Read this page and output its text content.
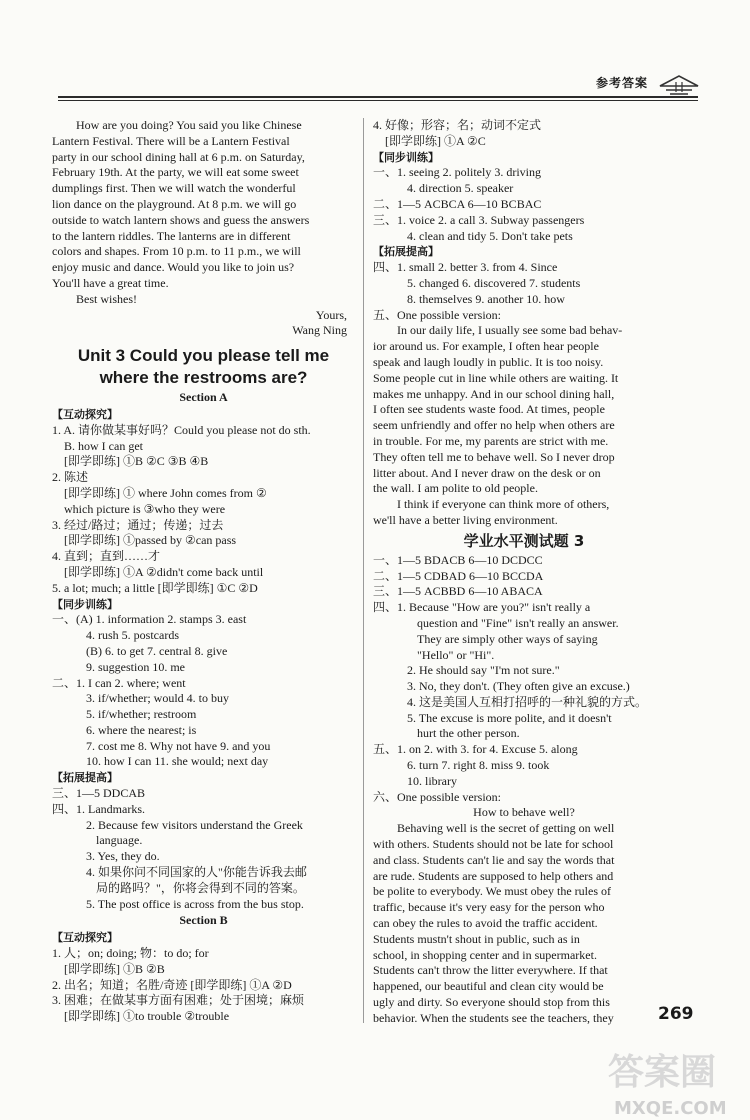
参考答案

How are you doing? You said you like Chinese

Lantern Festival. There will be a Lantern Festival

party in our school dining hall at 6 p.m. on Saturday,

February 19th. At the party, we will eat some sweet

dumplings first. Then we will watch the wonderful

lion dance on the playground. At 8 p.m. we will go

outside to watch lantern shows and guess the answers

to the lantern riddles. The lanterns are in different

colors and shapes. From 10 p.m. to 11 p.m., we will

enjoy music and dance. Would you like to join us?

You'll have a great time.

Best wishes!

Yours,

Wang Ning

Unit 3 Could you please tell me

where the restrooms are?

Section A

【互动探究】

1. A. 请你做某事好吗？Could you please not do sth.

B. how I can get

[即学即练] ①B ②C ③B ④B

2. 陈述

[即学即练] ① where John comes from ②

which picture is ③who they were

3. 经过/路过；通过；传递；过去

[即学即练] ①passed by ②can pass

4. 直到；直到……才

[即学即练] ①A ②didn't come back until

5. a lot; much; a little [即学即练] ①C ②D

【同步训练】

一、(A) 1. information 2. stamps 3. east

4. rush 5. postcards

(B) 6. to get 7. central 8. give

9. suggestion 10. me

二、1. I can 2. where; went

3. if/whether; would 4. to buy

5. if/whether; restroom

6. where the nearest; is

7. cost me 8. Why not have 9. and you

10. how I can 11. she would; next day

【拓展提高】

三、1—5 DDCAB

四、1. Landmarks.

2. Because few visitors understand the Greek

language.

3. Yes, they do.

4. 如果你问不同国家的人"你能告诉我去邮

局的路吗？"，你将会得到不同的答案。

5. The post office is across from the bus stop.

Section B

【互动探究】

1. 人；on; doing; 物：to do; for

[即学即练] ①B ②B

2. 出名；知道；名胜/奇迹 [即学即练] ①A ②D

3. 困难；在做某事方面有困难；处于困境；麻烦

[即学即练] ①to trouble ②trouble

4. 好像；形容；名；动词不定式

[即学即练] ①A ②C

【同步训练】

一、1. seeing 2. politely 3. driving

4. direction 5. speaker

二、1—5 ACBCA 6—10 BCBAC

三、1. voice 2. a call 3. Subway passengers

4. clean and tidy 5. Don't take pets

【拓展提高】

四、1. small 2. better 3. from 4. Since

5. changed 6. discovered 7. students

8. themselves 9. another 10. how

五、One possible version:

In our daily life, I usually see some bad behav-

ior around us. For example, I often hear people

speak and laugh loudly in public. It is too noisy.

Some people cut in line while others are waiting. It

makes me unhappy. And in our school dining hall,

I often see students waste food. At times, people

seem unfriendly and offer no help when others are

in trouble. For me, my parents are strict with me.

They often tell me to behave well. So I never drop

litter about. And I never draw on the desk or on

the wall. I am polite to old people.

I think if everyone can think more of others,

we'll have a better living environment.

学业水平测试题 3

一、1—5 BDACB 6—10 DCDCC

二、1—5 CDBAD 6—10 BCCDA

三、1—5 ACBBD 6—10 ABACA

四、1. Because "How are you?" isn't really a

question and "Fine" isn't really an answer.

They are simply other ways of saying

"Hello" or "Hi".

2. He should say "I'm not sure."

3. No, they don't. (They often give an excuse.)

4. 这是美国人互相打招呼的一种礼貌的方式。

5. The excuse is more polite, and it doesn't

hurt the other person.

五、1. on 2. with 3. for 4. Excuse 5. along

6. turn 7. right 8. miss 9. took

10. library

六、One possible version:

How to behave well?

Behaving well is the secret of getting on well

with others. Students should not be late for school

and class. Students can't lie and say the words that

are rude. Students are supposed to help others and

be polite to everybody. We must obey the rules of

traffic, because it's very easy for the person who

can obey the rules to avoid the traffic accident.

Students mustn't shout in public, such as in

school, in shopping center and in supermarket.

Students can't throw the litter everywhere. If that

happened, our beautiful and clean city would be

ugly and dirty. So everyone should stop from this

behavior. When the students see the teachers, they	269
答案圈
MXQE.COM
